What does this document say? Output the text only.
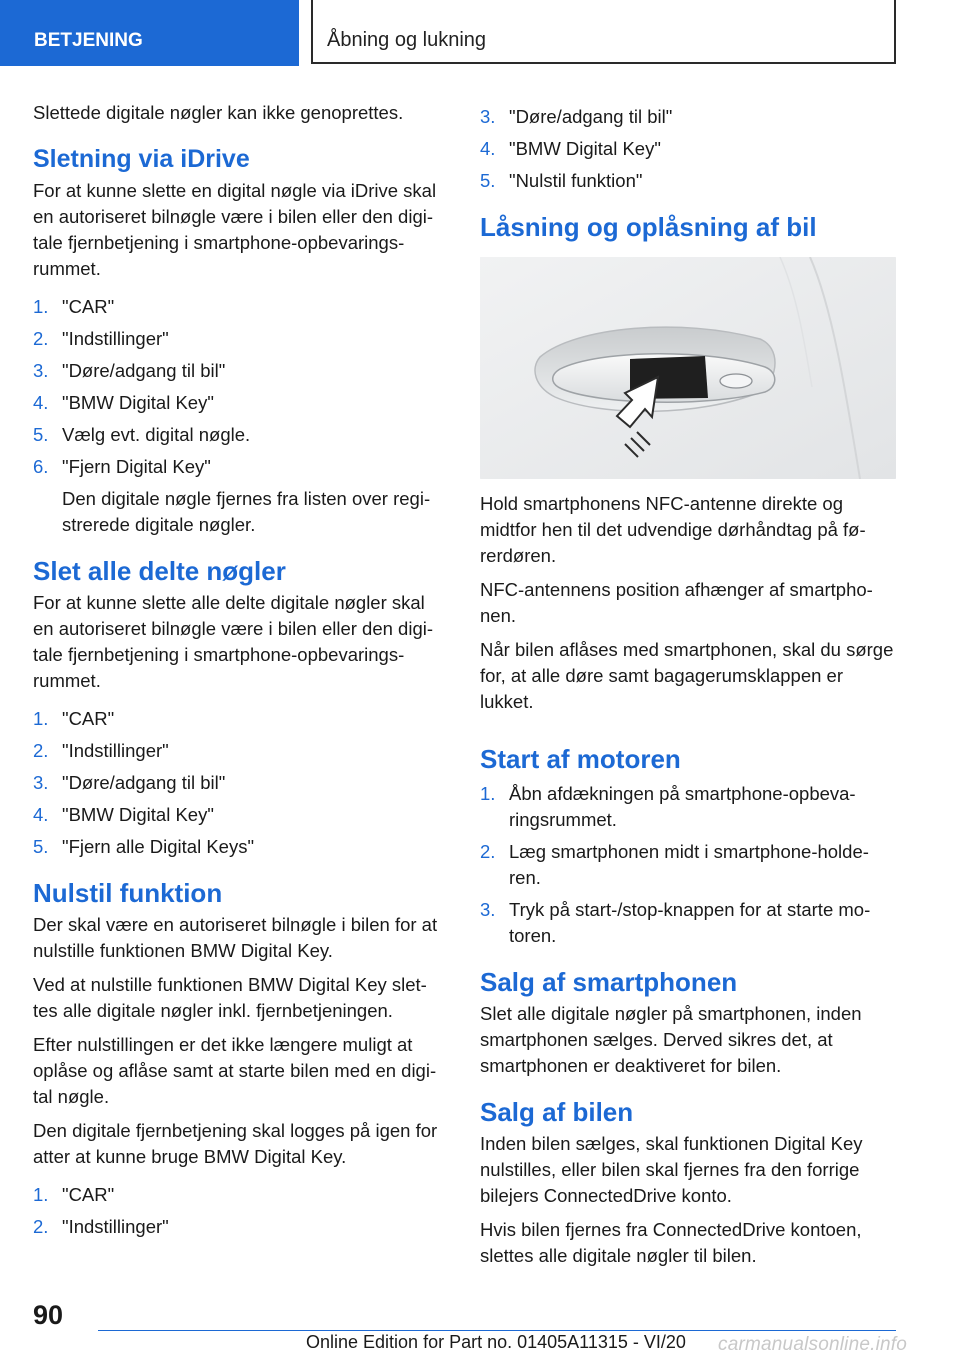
BETJENING	Åbning og lukning

Slettede digitale nøgler kan ikke genoprettes.

Sletning via iDrive

For at kunne slette en digital nøgle via iDrive skal en autoriseret bilnøgle være i bilen eller den digi-tale fjernbetjening i smartphone-opbevarings-rummet.

1. "CAR"
2. "Indstillinger"
3. "Døre/adgang til bil"
4. "BMW Digital Key"
5. Vælg evt. digital nøgle.
6. "Fjern Digital Key"
Den digitale nøgle fjernes fra listen over regi-strerede digitale nøgler.
Slet alle delte nøgler

For at kunne slette alle delte digitale nøgler skal en autoriseret bilnøgle være i bilen eller den digi-tale fjernbetjening i smartphone-opbevarings-rummet.

1. "CAR"
2. "Indstillinger"
3. "Døre/adgang til bil"
4. "BMW Digital Key"
5. "Fjern alle Digital Keys"
Nulstil funktion

Der skal være en autoriseret bilnøgle i bilen for at nulstille funktionen BMW Digital Key.

Ved at nulstille funktionen BMW Digital Key slet-tes alle digitale nøgler inkl. fjernbetjeningen.

Efter nulstillingen er det ikke længere muligt at oplåse og aflåse samt at starte bilen med en digi-tal nøgle.

Den digitale fjernbetjening skal logges på igen for atter at kunne bruge BMW Digital Key.

1. "CAR"
2. "Indstillinger"
3. "Døre/adgang til bil"
4. "BMW Digital Key"
5. "Nulstil funktion"
Låsning og oplåsning af bil

Hold smartphonens NFC-antenne direkte og midtfor hen til det udvendige dørhåndtag på fø-rerdøren.

NFC-antennens position afhænger af smartpho-nen.

Når bilen aflåses med smartphonen, skal du sørge for, at alle døre samt bagagerumsklappen er lukket.

Start af motoren
1. Åbn afdækningen på smartphone-opbeva-ringsrummet.
2. Læg smartphonen midt i smartphone-holde-ren.
3. Tryk på start-/stop-knappen for at starte mo-toren.
Salg af smartphonen

Slet alle digitale nøgler på smartphonen, inden smartphonen sælges. Derved sikres det, at smartphonen er deaktiveret for bilen.

Salg af bilen

Inden bilen sælges, skal funktionen Digital Key nulstilles, eller bilen skal fjernes fra den forrige bilejers ConnectedDrive konto.

Hvis bilen fjernes fra ConnectedDrive kontoen, slettes alle digitale nøgler til bilen.

90
Online Edition for Part no. 01405A11315 - VI/20 carmanualsonline.info
